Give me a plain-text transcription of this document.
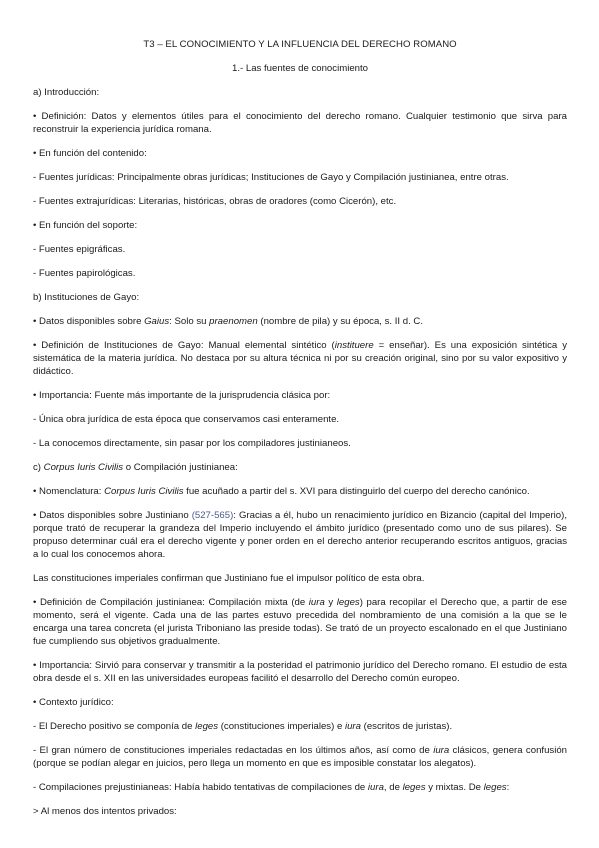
T3 – EL CONOCIMIENTO Y LA INFLUENCIA DEL DERECHO ROMANO
1.- Las fuentes de conocimiento

a) Introducción:

• Definición: Datos y elementos útiles para el conocimiento del derecho romano. Cualquier testimonio que sirva para reconstruir la experiencia jurídica romana.

• En función del contenido:

- Fuentes jurídicas: Principalmente obras jurídicas; Instituciones de Gayo y Compilación justinianea, entre otras.

- Fuentes extrajurídicas: Literarias, históricas, obras de oradores (como Cicerón), etc.

• En función del soporte:

- Fuentes epigráficas.

- Fuentes papirológicas.

b) Instituciones de Gayo:

• Datos disponibles sobre Gaius: Solo su praenomen (nombre de pila) y su época, s. II d. C.

• Definición de Instituciones de Gayo: Manual elemental sintético (instituere = enseñar). Es una exposición sintética y sistemática de la materia jurídica. No destaca por su altura técnica ni por su creación original, sino por su valor expositivo y didáctico.

• Importancia: Fuente más importante de la jurisprudencia clásica por:

- Única obra jurídica de esta época que conservamos casi enteramente.

- La conocemos directamente, sin pasar por los compiladores justinianeos.

c) Corpus Iuris Civilis o Compilación justinianea:

• Nomenclatura: Corpus Iuris Civilis fue acuñado a partir del s. XVI para distinguirlo del cuerpo del derecho canónico.

• Datos disponibles sobre Justiniano (527-565): Gracias a él, hubo un renacimiento jurídico en Bizancio (capital del Imperio), porque trató de recuperar la grandeza del Imperio incluyendo el ámbito jurídico (presentado como uno de sus pilares). Se propuso determinar cuál era el derecho vigente y poner orden en el derecho anterior recuperando escritos antiguos, gracias a lo cual los conocemos ahora.

Las constituciones imperiales confirman que Justiniano fue el impulsor político de esta obra.

• Definición de Compilación justinianea: Compilación mixta (de iura y leges) para recopilar el Derecho que, a partir de ese momento, será el vigente. Cada una de las partes estuvo precedida del nombramiento de una comisión a la que se le encarga una tarea concreta (el jurista Triboniano las preside todas). Se trató de un proyecto escalonado en el que Justiniano fue cumpliendo sus objetivos gradualmente.

• Importancia: Sirvió para conservar y transmitir a la posteridad el patrimonio jurídico del Derecho romano. El estudio de esta obra desde el s. XII en las universidades europeas facilitó el desarrollo del Derecho común europeo.

• Contexto jurídico:

- El Derecho positivo se componía de leges (constituciones imperiales) e iura (escritos de juristas).

- El gran número de constituciones imperiales redactadas en los últimos años, así como de iura clásicos, genera confusión (porque se podían alegar en juicios, pero llega un momento en que es imposible constatar los alegatos).

- Compilaciones prejustinianeas: Había habido tentativas de compilaciones de iura, de leges y mixtas. De leges:

> Al menos dos intentos privados:
